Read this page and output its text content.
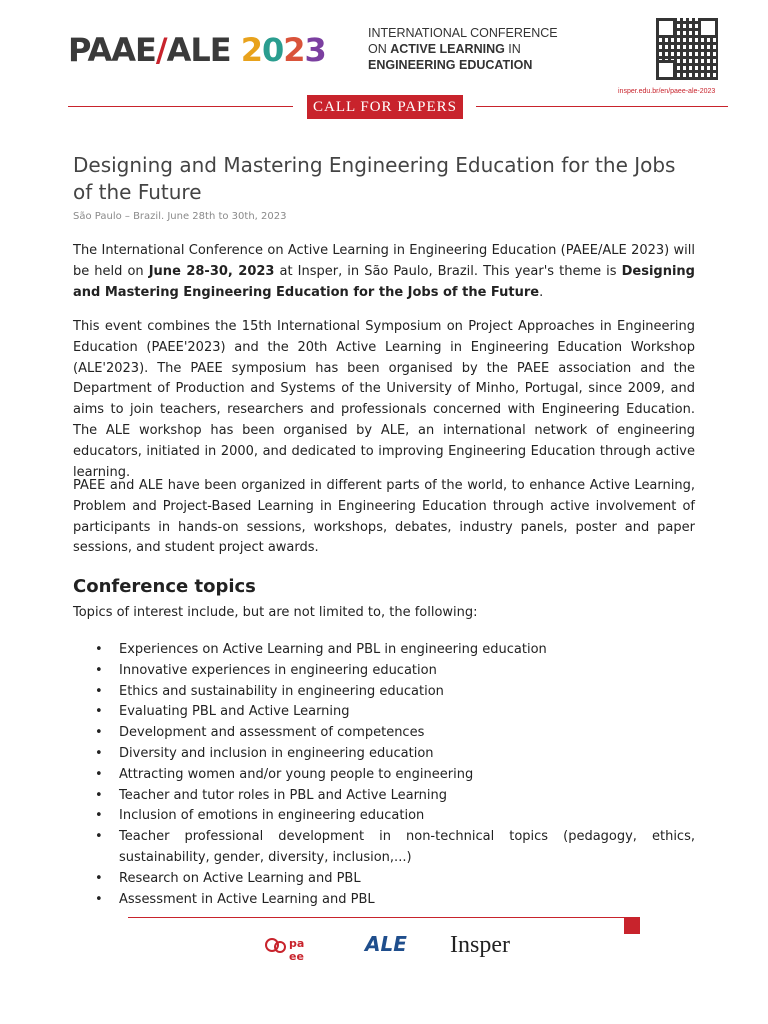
PAAE/ALE 2023	INTERNATIONAL CONFERENCE
ON ACTIVE LEARNING IN
ENGINEERING EDUCATION
insper.edu.br/en/paee-ale-2023
CALL FOR PAPERS
Designing and Mastering Engineering Education for the Jobs of the Future
São Paulo – Brazil. June 28th to 30th, 2023

The International Conference on Active Learning in Engineering Education (PAEE/ALE 2023) will be held on June 28-30, 2023 at Insper, in São Paulo, Brazil. This year's theme is Designing and Mastering Engineering Education for the Jobs of the Future.

This event combines the 15th International Symposium on Project Approaches in Engineering Education (PAEE'2023) and the 20th Active Learning in Engineering Education Workshop (ALE'2023). The PAEE symposium has been organised by the PAEE association and the Department of Production and Systems of the University of Minho, Portugal, since 2009, and aims to join teachers, researchers and professionals concerned with Engineering Education. The ALE workshop has been organised by ALE, an international network of engineering educators, initiated in 2000, and dedicated to improving Engineering Education through active learning.

PAEE and ALE have been organized in different parts of the world, to enhance Active Learning, Problem and Project-Based Learning in Engineering Education through active involvement of participants in hands-on sessions, workshops, debates, industry panels, poster and paper sessions, and student project awards.

Conference topics
Topics of interest include, but are not limited to, the following:
• Experiences on Active Learning and PBL in engineering education
• Innovative experiences in engineering education
• Ethics and sustainability in engineering education
• Evaluating PBL and Active Learning
• Development and assessment of competences
• Diversity and inclusion in engineering education
• Attracting women and/or young people to engineering
• Teacher and tutor roles in PBL and Active Learning
• Inclusion of emotions in engineering education
• Teacher professional development in non-technical topics (pedagogy, ethics, sustainability, gender, diversity, inclusion,...)
• Research on Active Learning and PBL
• Assessment in Active Learning and PBL
pa
ee
ALE Insper
